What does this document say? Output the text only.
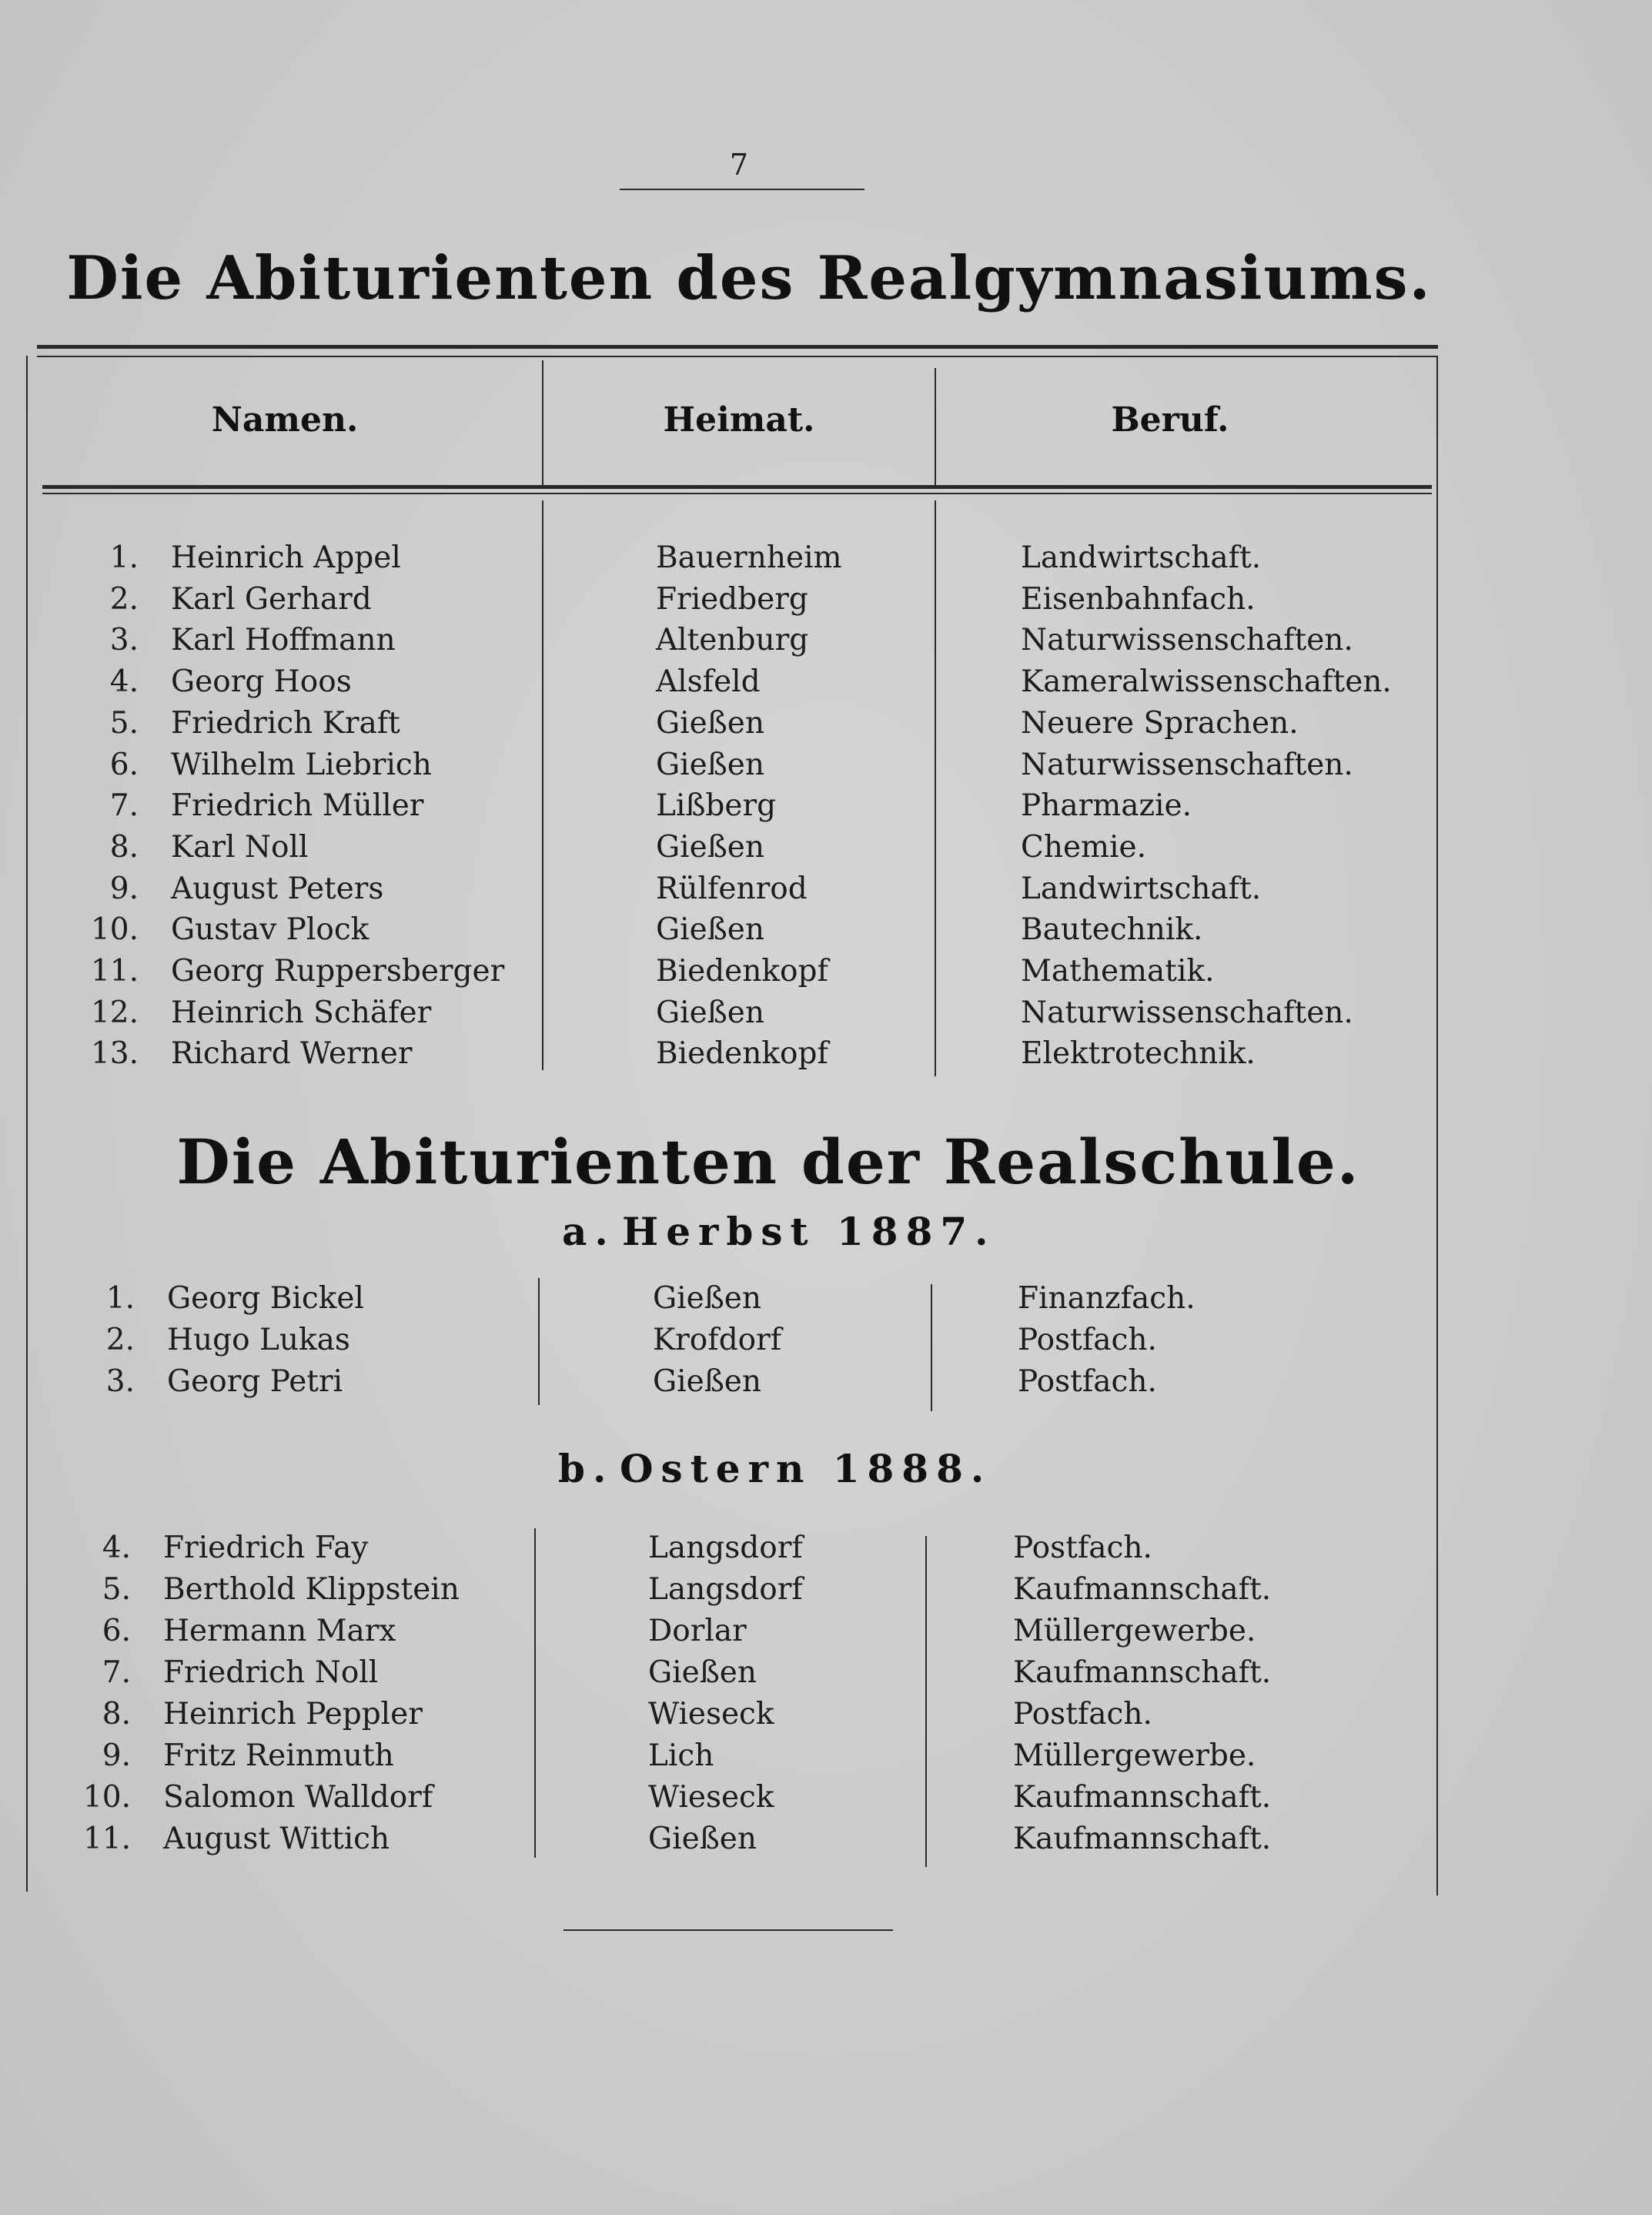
7
Die Abiturienten des Realgymnasiums.
Namen.	Heimat.	Beruf.
1. Heinrich Appel	Bauernheim	Landwirtschaft.
2. Karl Gerhard	Friedberg	Eisenbahnfach.
3. Karl Hoffmann	Altenburg	Naturwissenschaften.
4. Georg Hoos	Alsfeld	Kameralwissenschaften.
5. Friedrich Kraft	Gießen	Neuere Sprachen.
6. Wilhelm Liebrich	Gießen	Naturwissenschaften.
7. Friedrich Müller	Lißberg	Pharmazie.
8. Karl Noll	Gießen	Chemie.
9. August Peters	Rülfenrod	Landwirtschaft.
10. Gustav Plock	Gießen	Bautechnik.
11. Georg Ruppersberger	Biedenkopf	Mathematik.
12. Heinrich Schäfer	Gießen	Naturwissenschaften.
13. Richard Werner	Biedenkopf	Elektrotechnik.
Die Abiturienten der Realschule.
a. Herbst 1887.
1. Georg Bickel	Gießen	Finanzfach.
2. Hugo Lukas	Krofdorf	Postfach.
3. Georg Petri	Gießen	Postfach.
b. Ostern 1888.
4. Friedrich Fay	Langsdorf	Postfach.
5. Berthold Klippstein	Langsdorf	Kaufmannschaft.
6. Hermann Marx	Dorlar	Müllergewerbe.
7. Friedrich Noll	Gießen	Kaufmannschaft.
8. Heinrich Peppler	Wieseck	Postfach.
9. Fritz Reinmuth	Lich	Müllergewerbe.
10. Salomon Walldorf	Wieseck	Kaufmannschaft.
11. August Wittich	Gießen	Kaufmannschaft.
